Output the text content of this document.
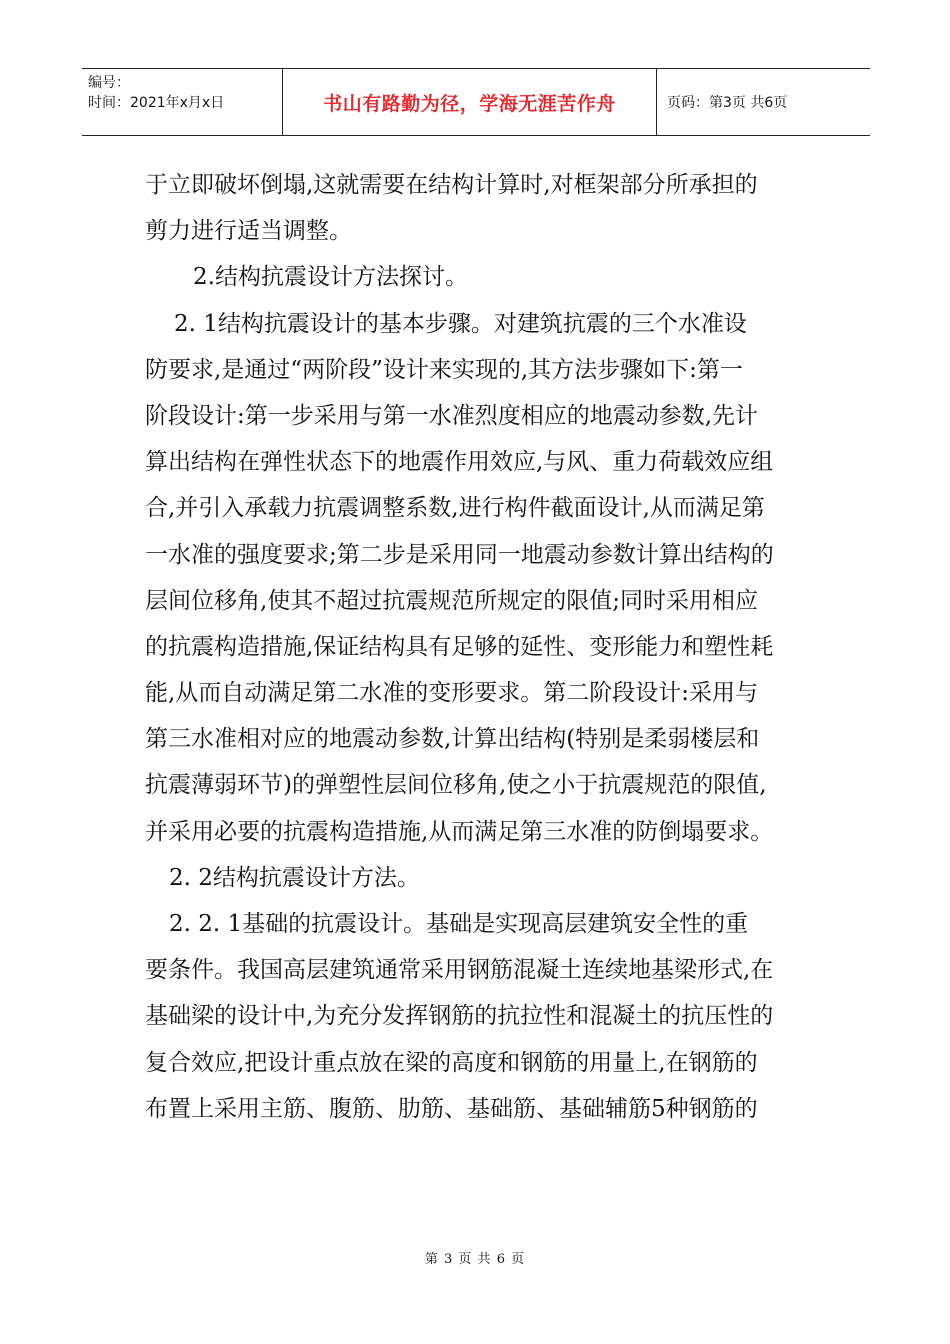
编号：
时间：2021年x月x日	书山有路勤为径，学海无涯苦作舟	页码：第3页 共6页
于立即破坏倒塌,这就需要在结构计算时,对框架部分所承担的
剪力进行适当调整。
2.结构抗震设计方法探讨。
2. 1结构抗震设计的基本步骤。对建筑抗震的三个水准设
防要求,是通过“两阶段”设计来实现的,其方法步骤如下:第一
阶段设计:第一步采用与第一水准烈度相应的地震动参数,先计
算出结构在弹性状态下的地震作用效应,与风、重力荷载效应组
合,并引入承载力抗震调整系数,进行构件截面设计,从而满足第
一水准的强度要求;第二步是采用同一地震动参数计算出结构的
层间位移角,使其不超过抗震规范所规定的限值;同时采用相应
的抗震构造措施,保证结构具有足够的延性、变形能力和塑性耗
能,从而自动满足第二水准的变形要求。第二阶段设计:采用与
第三水准相对应的地震动参数,计算出结构(特别是柔弱楼层和
抗震薄弱环节)的弹塑性层间位移角,使之小于抗震规范的限值,
并采用必要的抗震构造措施,从而满足第三水准的防倒塌要求。
2. 2结构抗震设计方法。
2. 2. 1基础的抗震设计。基础是实现高层建筑安全性的重
要条件。我国高层建筑通常采用钢筋混凝土连续地基梁形式,在
基础梁的设计中,为充分发挥钢筋的抗拉性和混凝土的抗压性的
复合效应,把设计重点放在梁的高度和钢筋的用量上,在钢筋的
布置上采用主筋、腹筋、肋筋、基础筋、基础辅筋5种钢筋的
第 3 页 共 6 页
